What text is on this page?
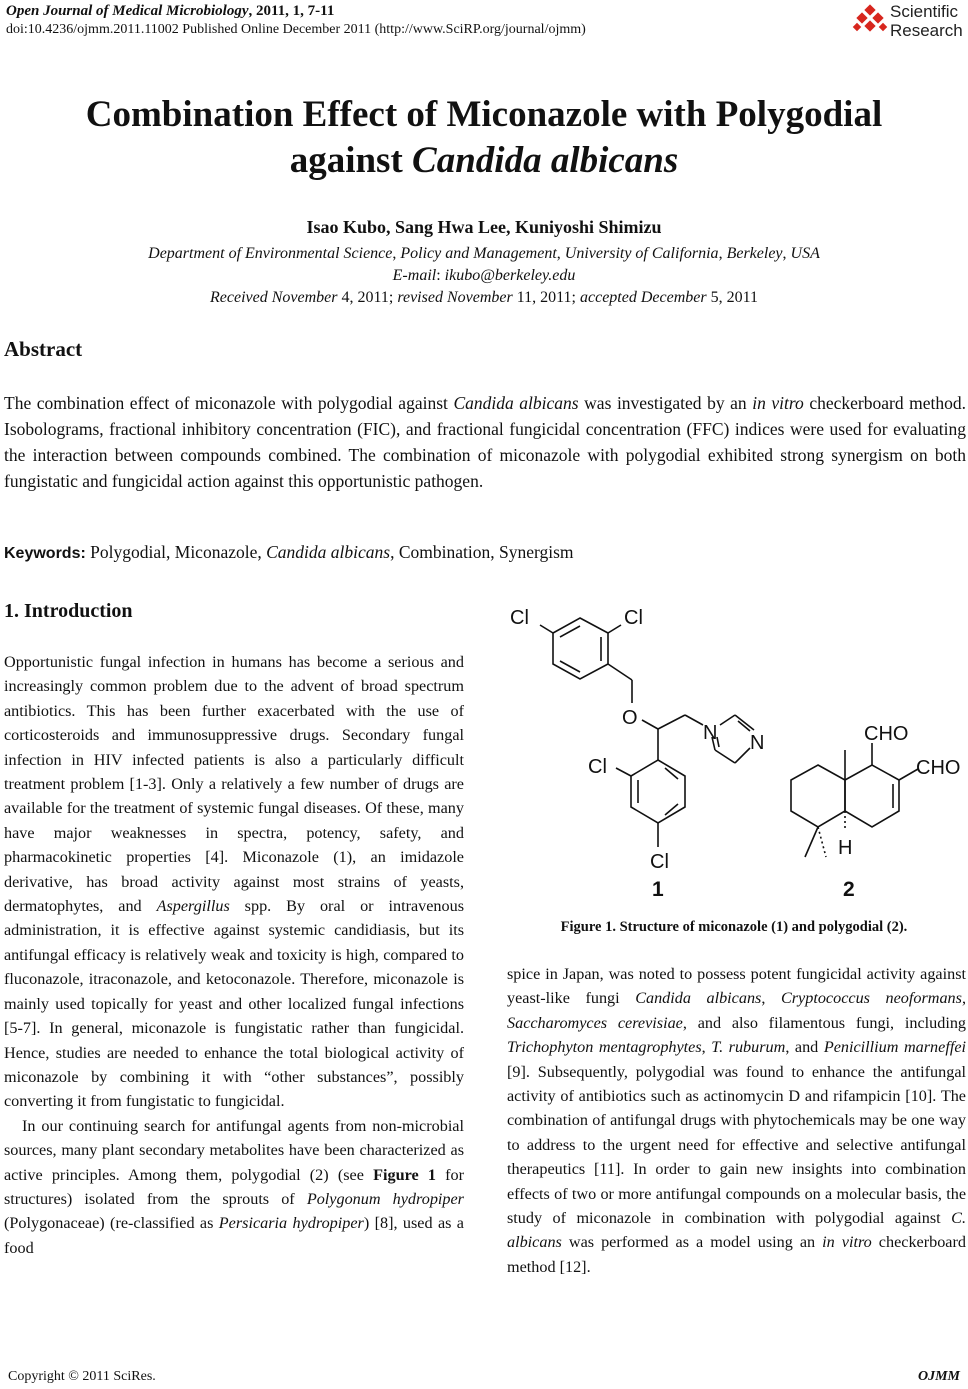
Open Journal of Medical Microbiology, 2011, 1, 7-11
doi:10.4236/ojmm.2011.11002 Published Online December 2011 (http://www.SciRP.org/journal/ojmm)
Scientific
Research
Combination Effect of Miconazole with Polygodial
against Candida albicans
Isao Kubo, Sang Hwa Lee, Kuniyoshi Shimizu
Department of Environmental Science, Policy and Management, University of California, Berkeley, USA
E-mail: ikubo@berkeley.edu
Received November 4, 2011; revised November 11, 2011; accepted December 5, 2011
Abstract
The combination effect of miconazole with polygodial against Candida albicans was investigated by an in vitro checkerboard method. Isobolograms, fractional inhibitory concentration (FIC), and fractional fungicidal concentration (FFC) indices were used for evaluating the interaction between compounds combined. The combination of miconazole with polygodial exhibited strong synergism on both fungistatic and fungicidal action against this opportunistic pathogen.
Keywords: Polygodial, Miconazole, Candida albicans, Combination, Synergism
1. Introduction

Opportunistic fungal infection in humans has become a serious and increasingly common problem due to the advent of broad spectrum antibiotics. This has been further exacerbated with the use of corticosteroids and immunosuppressive drugs. Secondary fungal infection in HIV infected patients is also a particularly difficult treatment problem [1-3]. Only a relatively a few number of drugs are available for the treatment of systemic fungal diseases. Of these, many have major weaknesses in spectra, potency, safety, and pharmacokinetic properties [4]. Miconazole (1), an imidazole derivative, has broad activity against most strains of yeasts, dermatophytes, and Aspergillus spp. By oral or intravenous administration, it is effective against systemic candidiasis, but its antifungal efficacy is relatively weak and toxicity is high, compared to fluconazole, itraconazole, and ketoconazole. Therefore, miconazole is mainly used topically for yeast and other localized fungal infections [5-7]. In general, miconazole is fungistatic rather than fungicidal. Hence, studies are needed to enhance the total biological activity of miconazole by combining it with “other substances”, possibly converting it from fungistatic to fungicidal.

In our continuing search for antifungal agents from non-microbial sources, many plant secondary metabolites have been characterized as active principles. Among them, polygodial (2) (see Figure 1 for structures) isolated from the sprouts of Polygonum hydropiper (Polygonaceae) (re-classified as Persicaria hydropiper) [8], used as a food

Cl	Cl
O
N N
Cl
Cl
1
CHO
CHO
H
2
Figure 1. Structure of miconazole (1) and polygodial (2).

spice in Japan, was noted to possess potent fungicidal activity against yeast-like fungi Candida albicans, Cryptococcus neoformans, Saccharomyces cerevisiae, and also filamentous fungi, including Trichophyton mentagrophytes, T. ruburum, and Penicillium marneffei [9]. Subsequently, polygodial was found to enhance the antifungal activity of antibiotics such as actinomycin D and rifampicin [10]. The combination of antifungal drugs with phytochemicals may be one way to address to the urgent need for effective and selective antifungal therapeutics [11]. In order to gain new insights into combination effects of two or more antifungal compounds on a molecular basis, the study of miconazole in combination with polygodial against C. albicans was performed as a model using an in vitro checkerboard method [12].

Copyright © 2011 SciRes.	OJMM
